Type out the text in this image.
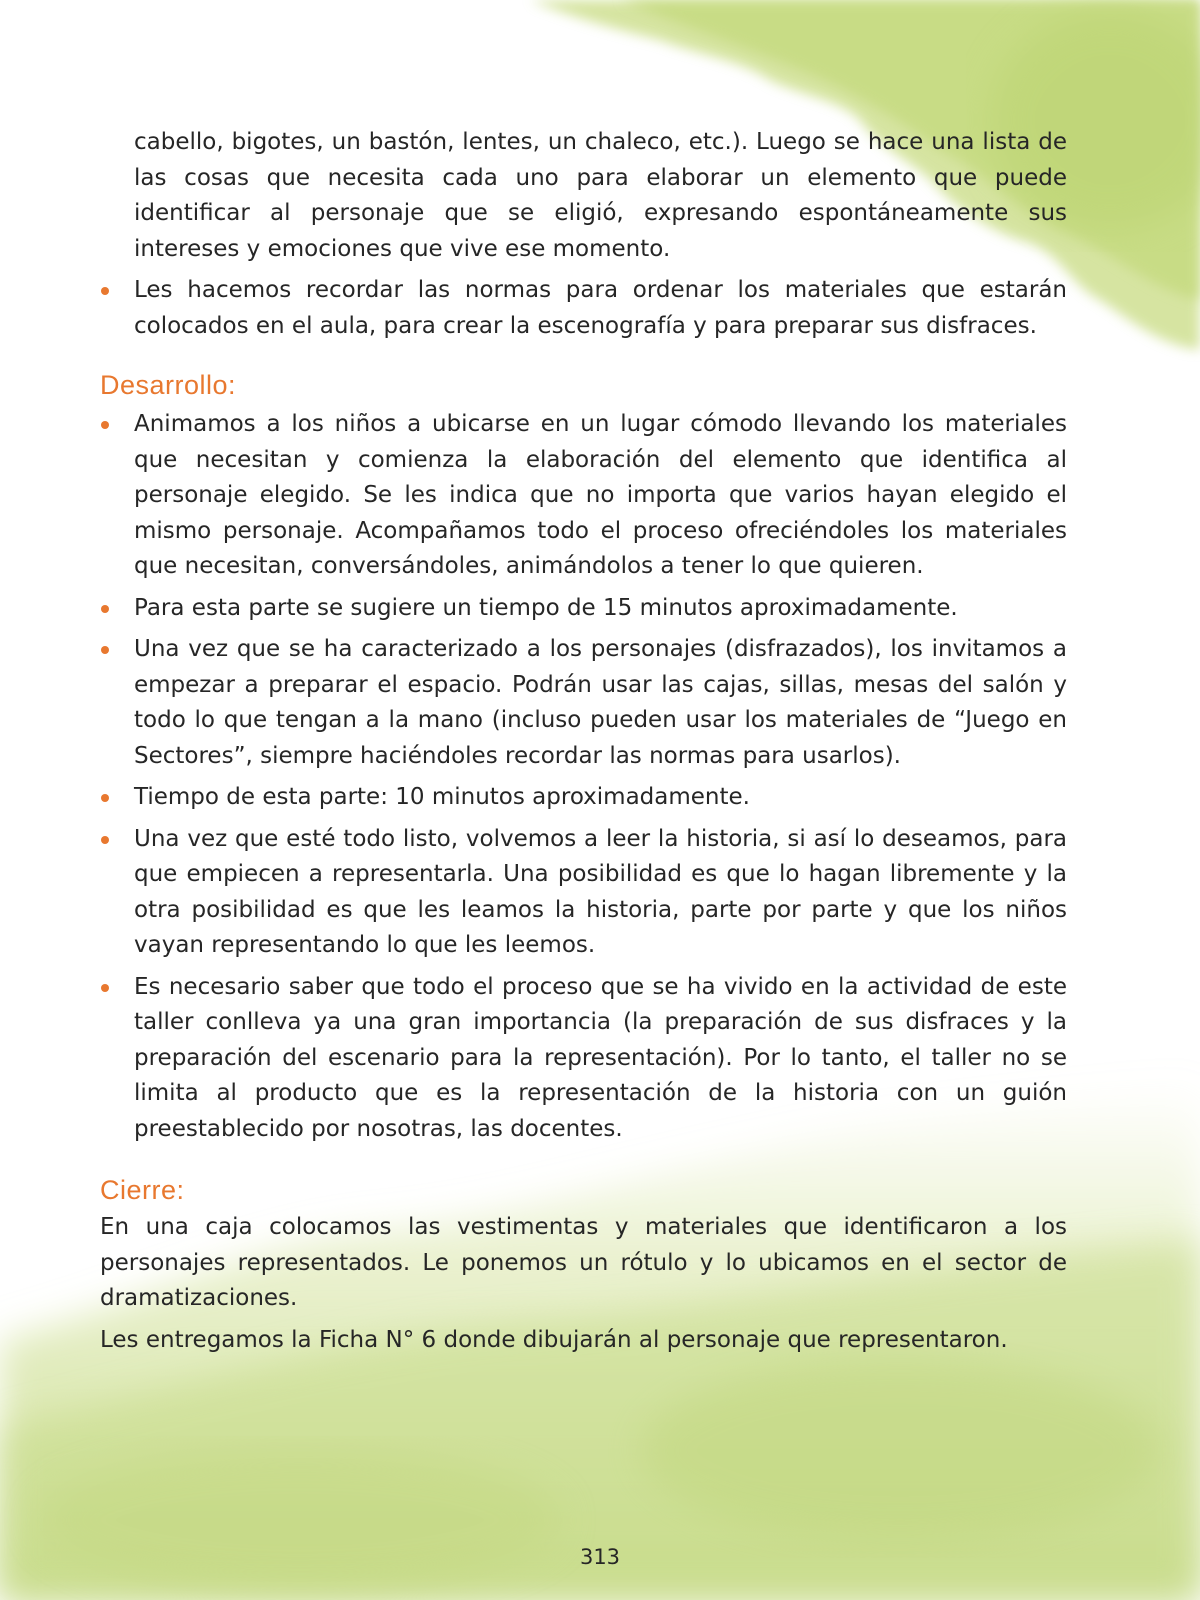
cabello, bigotes, un bastón, lentes, un chaleco, etc.). Luego se hace una lista de las cosas que necesita cada uno para elaborar un elemento que puede identificar al personaje que se eligió, expresando espontáneamente sus intereses y emociones que vive ese momento.

Les hacemos recordar las normas para ordenar los materiales que estarán colocados en el aula, para crear la escenografía y para preparar sus disfraces.
Desarrollo:
Animamos a los niños a ubicarse en un lugar cómodo llevando los materiales que necesitan y comienza la elaboración del elemento que identifica al personaje elegido. Se les indica que no importa que varios hayan elegido el mismo personaje. Acompañamos todo el proceso ofreciéndoles los materiales que necesitan, conversándoles, animándolos a tener lo que quieren.
Para esta parte se sugiere un tiempo de 15 minutos aproximadamente.
Una vez que se ha caracterizado a los personajes (disfrazados), los invitamos a empezar a preparar el espacio. Podrán usar las cajas, sillas, mesas del salón y todo lo que tengan a la mano (incluso pueden usar los materiales de “Juego en Sectores”, siempre haciéndoles recordar las normas para usarlos).
Tiempo de esta parte: 10 minutos aproximadamente.
Una vez que esté todo listo, volvemos a leer la historia, si así lo deseamos, para que empiecen a representarla. Una posibilidad es que lo hagan libremente y la otra posibilidad es que les leamos la historia, parte por parte y que los niños vayan representando lo que les leemos.
Es necesario saber que todo el proceso que se ha vivido en la actividad de este taller conlleva ya una gran importancia (la preparación de sus disfraces y la preparación del escenario para la representación). Por lo tanto, el taller no se limita al producto que es la representación de la historia con un guión preestablecido por nosotras, las docentes.
Cierre:

En una caja colocamos las vestimentas y materiales que identificaron a los personajes representados. Le ponemos un rótulo y lo ubicamos en el sector de dramatizaciones.

Les entregamos la Ficha N° 6 donde dibujarán al personaje que representaron.

313
